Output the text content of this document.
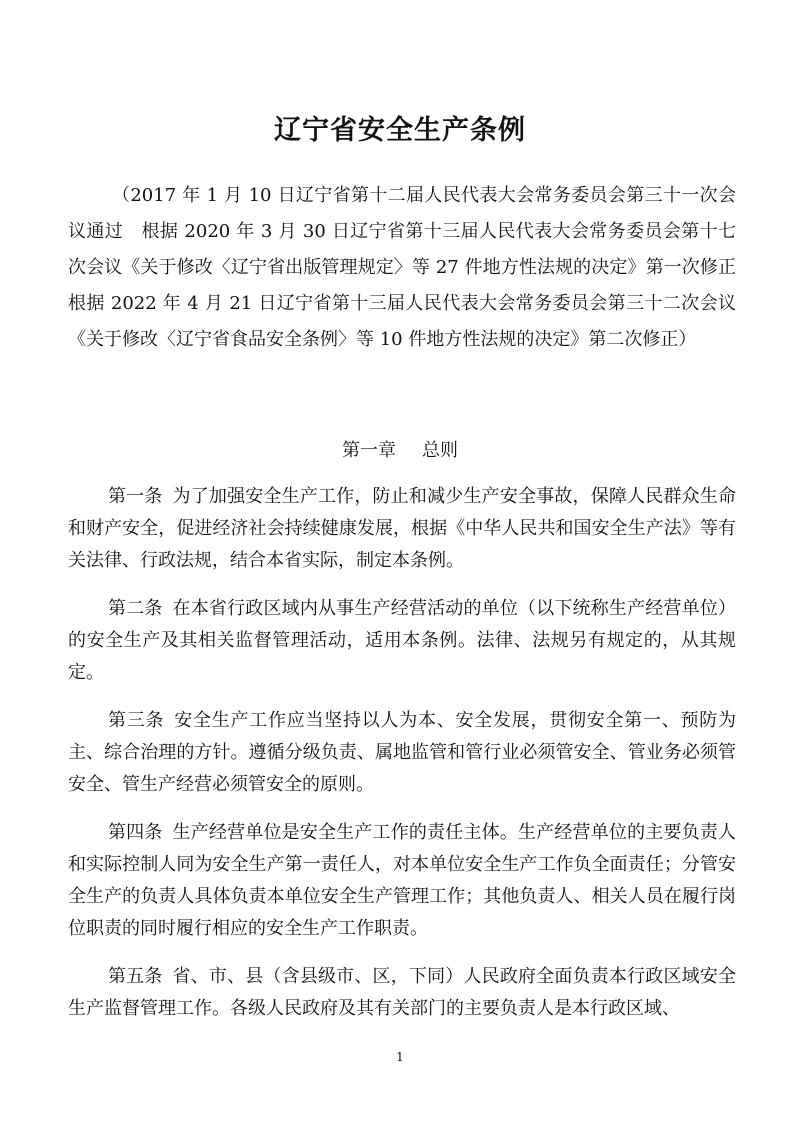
辽宁省安全生产条例

（2017 年 1 月 10 日辽宁省第十二届人民代表大会常务委员会第三十一次会议通过　根据 2020 年 3 月 30 日辽宁省第十三届人民代表大会常务委员会第十七次会议《关于修改〈辽宁省出版管理规定〉等 27 件地方性法规的决定》第一次修正　根据 2022 年 4 月 21 日辽宁省第十三届人民代表大会常务委员会第三十二次会议《关于修改〈辽宁省食品安全条例〉等 10 件地方性法规的决定》第二次修正）

第一章 总则

第一条 为了加强安全生产工作，防止和减少生产安全事故，保障人民群众生命和财产安全，促进经济社会持续健康发展，根据《中华人民共和国安全生产法》等有关法律、行政法规，结合本省实际，制定本条例。

第二条 在本省行政区域内从事生产经营活动的单位（以下统称生产经营单位）的安全生产及其相关监督管理活动，适用本条例。法律、法规另有规定的，从其规定。

第三条 安全生产工作应当坚持以人为本、安全发展，贯彻安全第一、预防为主、综合治理的方针。遵循分级负责、属地监管和管行业必须管安全、管业务必须管安全、管生产经营必须管安全的原则。

第四条 生产经营单位是安全生产工作的责任主体。生产经营单位的主要负责人和实际控制人同为安全生产第一责任人，对本单位安全生产工作负全面责任；分管安全生产的负责人具体负责本单位安全生产管理工作；其他负责人、相关人员在履行岗位职责的同时履行相应的安全生产工作职责。

第五条 省、市、县（含县级市、区，下同）人民政府全面负责本行政区域安全生产监督管理工作。各级人民政府及其有关部门的主要负责人是本行政区域、

1
